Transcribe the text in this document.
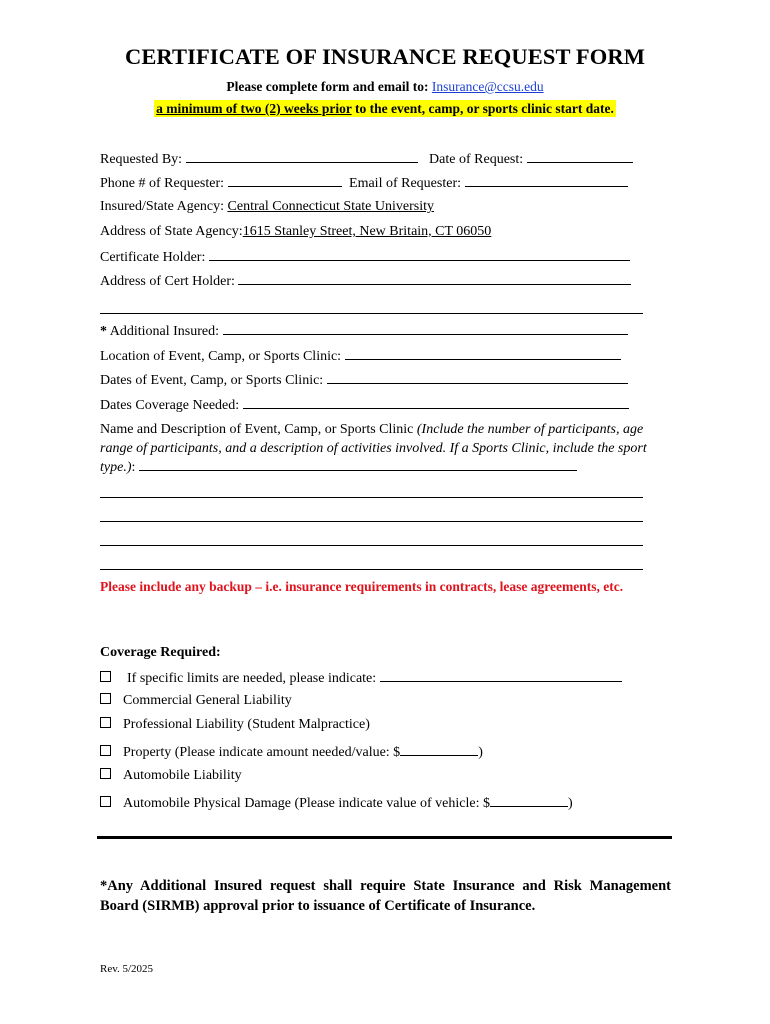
CERTIFICATE OF INSURANCE REQUEST FORM
Please complete form and email to: Insurance@ccsu.edu
a minimum of two (2) weeks prior to the event, camp, or sports clinic start date.
Requested By:	Date of Request:
Phone # of Requester:	Email of Requester:
Insured/State Agency: Central Connecticut State University
Address of State Agency:1615 Stanley Street, New Britain, CT 06050
Certificate Holder:
Address of Cert Holder:
* Additional Insured:
Location of Event, Camp, or Sports Clinic:
Dates of Event, Camp, or Sports Clinic:
Dates Coverage Needed:
Name and Description of Event, Camp, or Sports Clinic (Include the number of participants, age range of participants, and a description of activities involved. If a Sports Clinic, include the sport type.):
Please include any backup – i.e. insurance requirements in contracts, lease agreements, etc.
Coverage Required:
If specific limits are needed, please indicate:
Commercial General Liability
Professional Liability (Student Malpractice)
Property (Please indicate amount needed/value: $	)
Automobile Liability
Automobile Physical Damage (Please indicate value of vehicle: $	)
*Any Additional Insured request shall require State Insurance and Risk Management Board (SIRMB) approval prior to issuance of Certificate of Insurance.
Rev. 5/2025
